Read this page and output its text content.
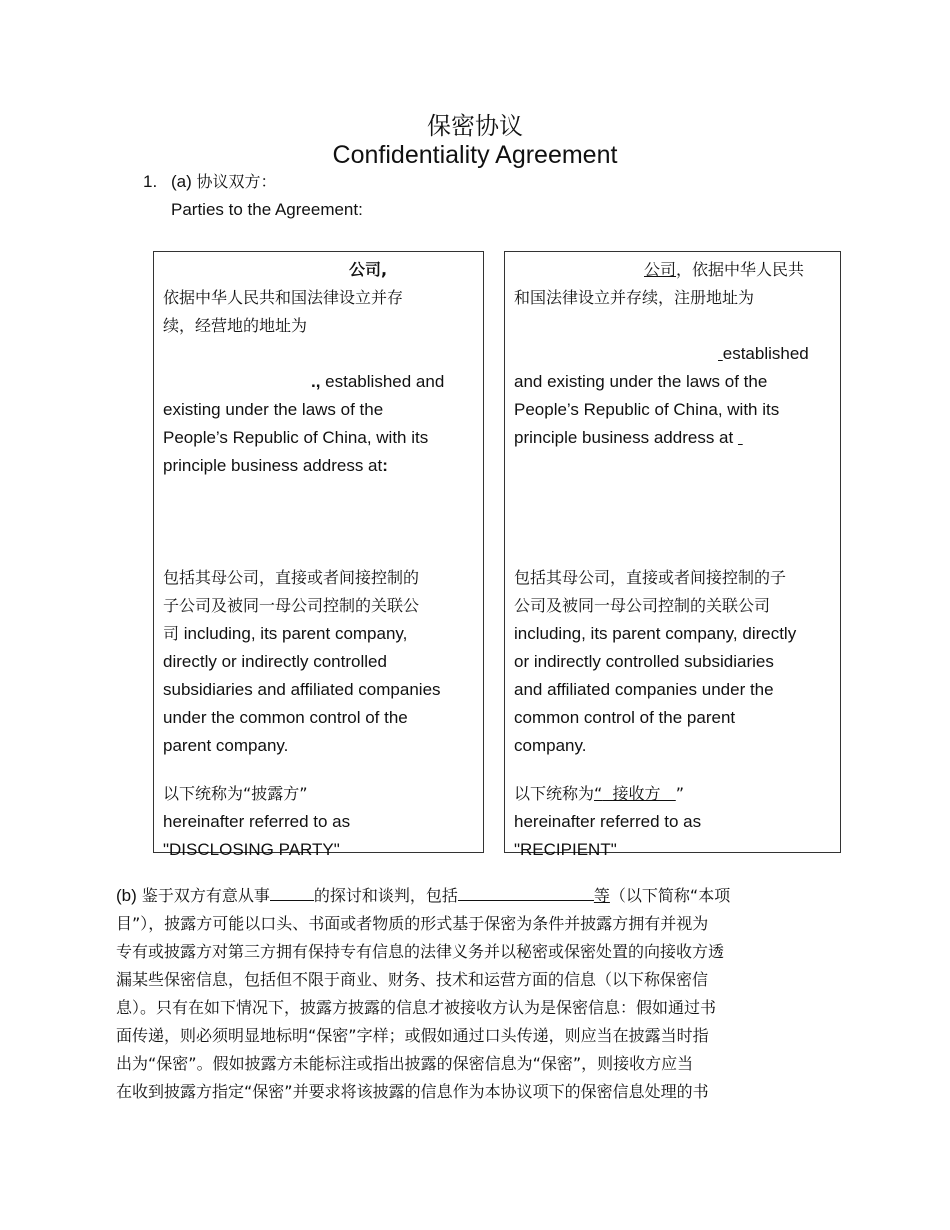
保密协议
Confidentiality Agreement
1. (a) 协议双方：
Parties to the Agreement:
公司,
依据中华人民共和国法律设立并存
续，经营地的地址为
., established and
existing under the laws of the
People’s Republic of China, with its
principle business address at:
包括其母公司，直接或者间接控制的
子公司及被同一母公司控制的关联公
司 including, its parent company,
directly or indirectly controlled
subsidiaries and affiliated companies
under the common control of the
parent company.
以下统称为“披露方”
hereinafter referred to as
"DISCLOSING PARTY"
公司，依据中华人民共
和国法律设立并存续，注册地址为
established
and existing under the laws of the
People’s Republic of China, with its
principle business address at
包括其母公司，直接或者间接控制的子
公司及被同一母公司控制的关联公司
including, its parent company, directly
or indirectly controlled subsidiaries
and affiliated companies under the
common control of the parent
company.
以下统称为“ 接收方 ”
hereinafter referred to as
"RECIPIENT"
(b) 鉴于双方有意从事	的探讨和谈判，包括	等（以下简称“本项
目”），披露方可能以口头、书面或者物质的形式基于保密为条件并披露方拥有并视为
专有或披露方对第三方拥有保持专有信息的法律义务并以秘密或保密处置的向接收方透
漏某些保密信息，包括但不限于商业、财务、技术和运营方面的信息（以下称保密信
息）。只有在如下情况下，披露方披露的信息才被接收方认为是保密信息：假如通过书
面传递，则必须明显地标明“保密”字样；或假如通过口头传递，则应当在披露当时指
出为“保密”。假如披露方未能标注或指出披露的保密信息为“保密”，则接收方应当
在收到披露方指定“保密”并要求将该披露的信息作为本协议项下的保密信息处理的书
